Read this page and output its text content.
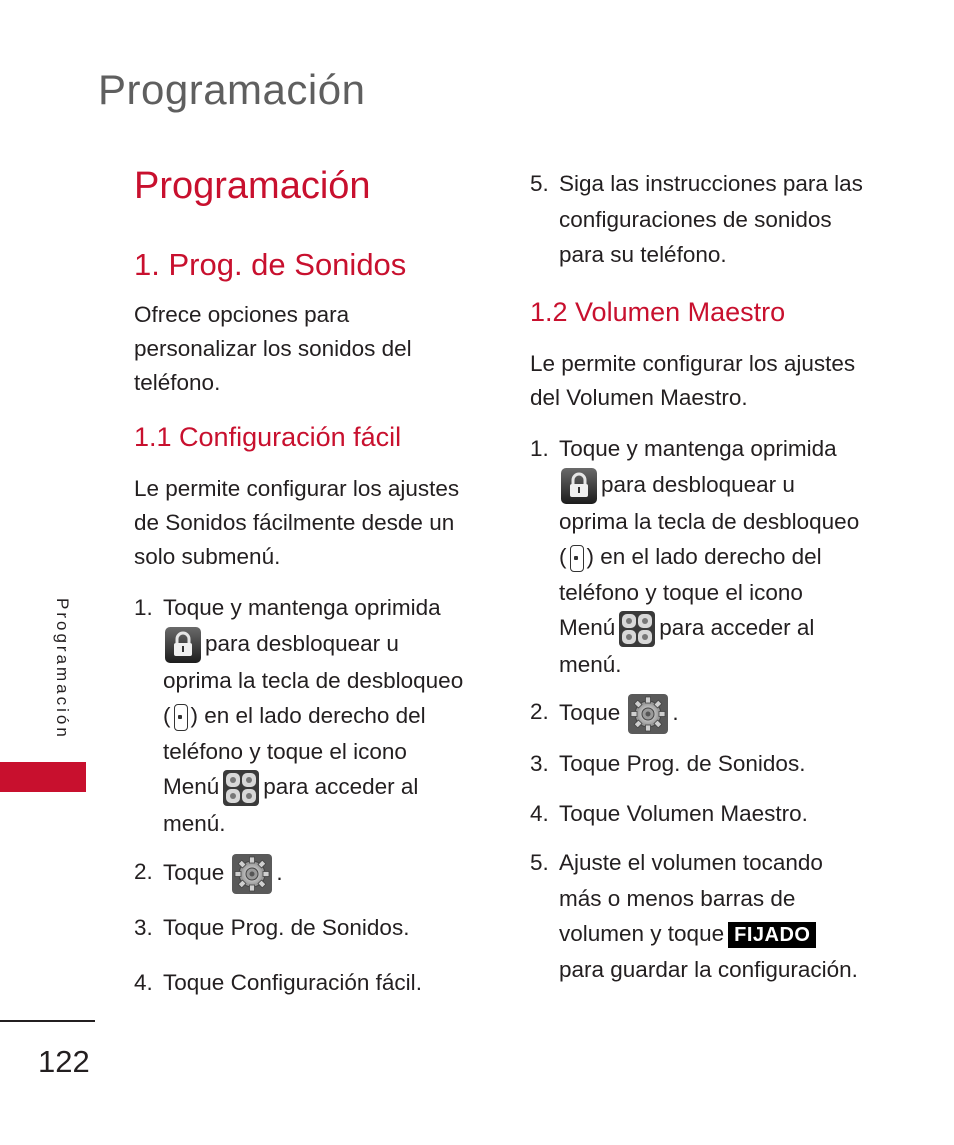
Programación
Programación
1. Prog. de Sonidos
Ofrece opciones para
personalizar los sonidos del
teléfono.
1.1 Configuración fácil
Le permite configurar los ajustes
de Sonidos fácilmente desde un
solo submenú.
1. Toque y mantenga oprimida
para desbloquear u
oprima la tecla de desbloqueo
( ) en el lado derecho del
teléfono y toque el icono
Menú para acceder al
menú.
2. Toque .
3. Toque Prog. de Sonidos.
4. Toque Configuración fácil.
5. Siga las instrucciones para las
configuraciones de sonidos
para su teléfono.
1.2 Volumen Maestro
Le permite configurar los ajustes
del Volumen Maestro.
1. Toque y mantenga oprimida
para desbloquear u
oprima la tecla de desbloqueo
( ) en el lado derecho del
teléfono y toque el icono
Menú para acceder al
menú.
2. Toque .
3. Toque Prog. de Sonidos.
4. Toque Volumen Maestro.
5. Ajuste el volumen tocando
más o menos barras de
volumen y toque FIJADO
para guardar la configuración.
Programación
122
